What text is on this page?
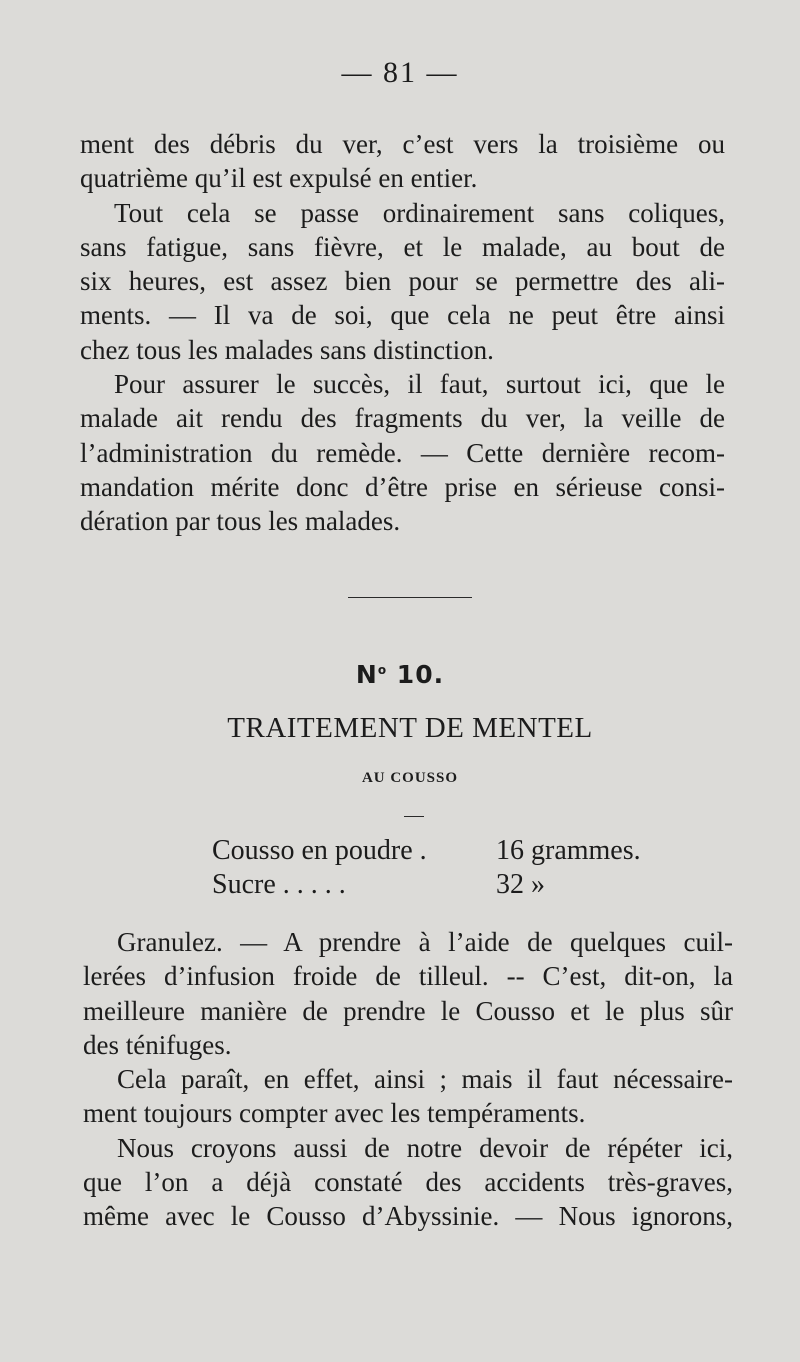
— 81 —
ment des débris du ver, c’est vers la troisième ou
quatrième qu’il est expulsé en entier.
Tout cela se passe ordinairement sans coliques,
sans fatigue, sans fièvre, et le malade, au bout de
six heures, est assez bien pour se permettre des ali-
ments. — Il va de soi, que cela ne peut être ainsi
chez tous les malades sans distinction.
Pour assurer le succès, il faut, surtout ici, que le
malade ait rendu des fragments du ver, la veille de
l’administration du remède. — Cette dernière recom-
mandation mérite donc d’être prise en sérieuse consi-
dération par tous les malades.
$N^o$ 10.
TRAITEMENT DE MENTEL
AU COUSSO
Cousso en poudre .	16 grammes.
Sucre . . . . .	32 »
Granulez. — A prendre à l’aide de quelques cuil-
lerées d’infusion froide de tilleul. -- C’est, dit-on, la
meilleure manière de prendre le Cousso et le plus sûr
des ténifuges.
Cela paraît, en effet, ainsi ; mais il faut nécessaire-
ment toujours compter avec les tempéraments.
Nous croyons aussi de notre devoir de répéter ici,
que l’on a déjà constaté des accidents très-graves,
même avec le Cousso d’Abyssinie. — Nous ignorons,
